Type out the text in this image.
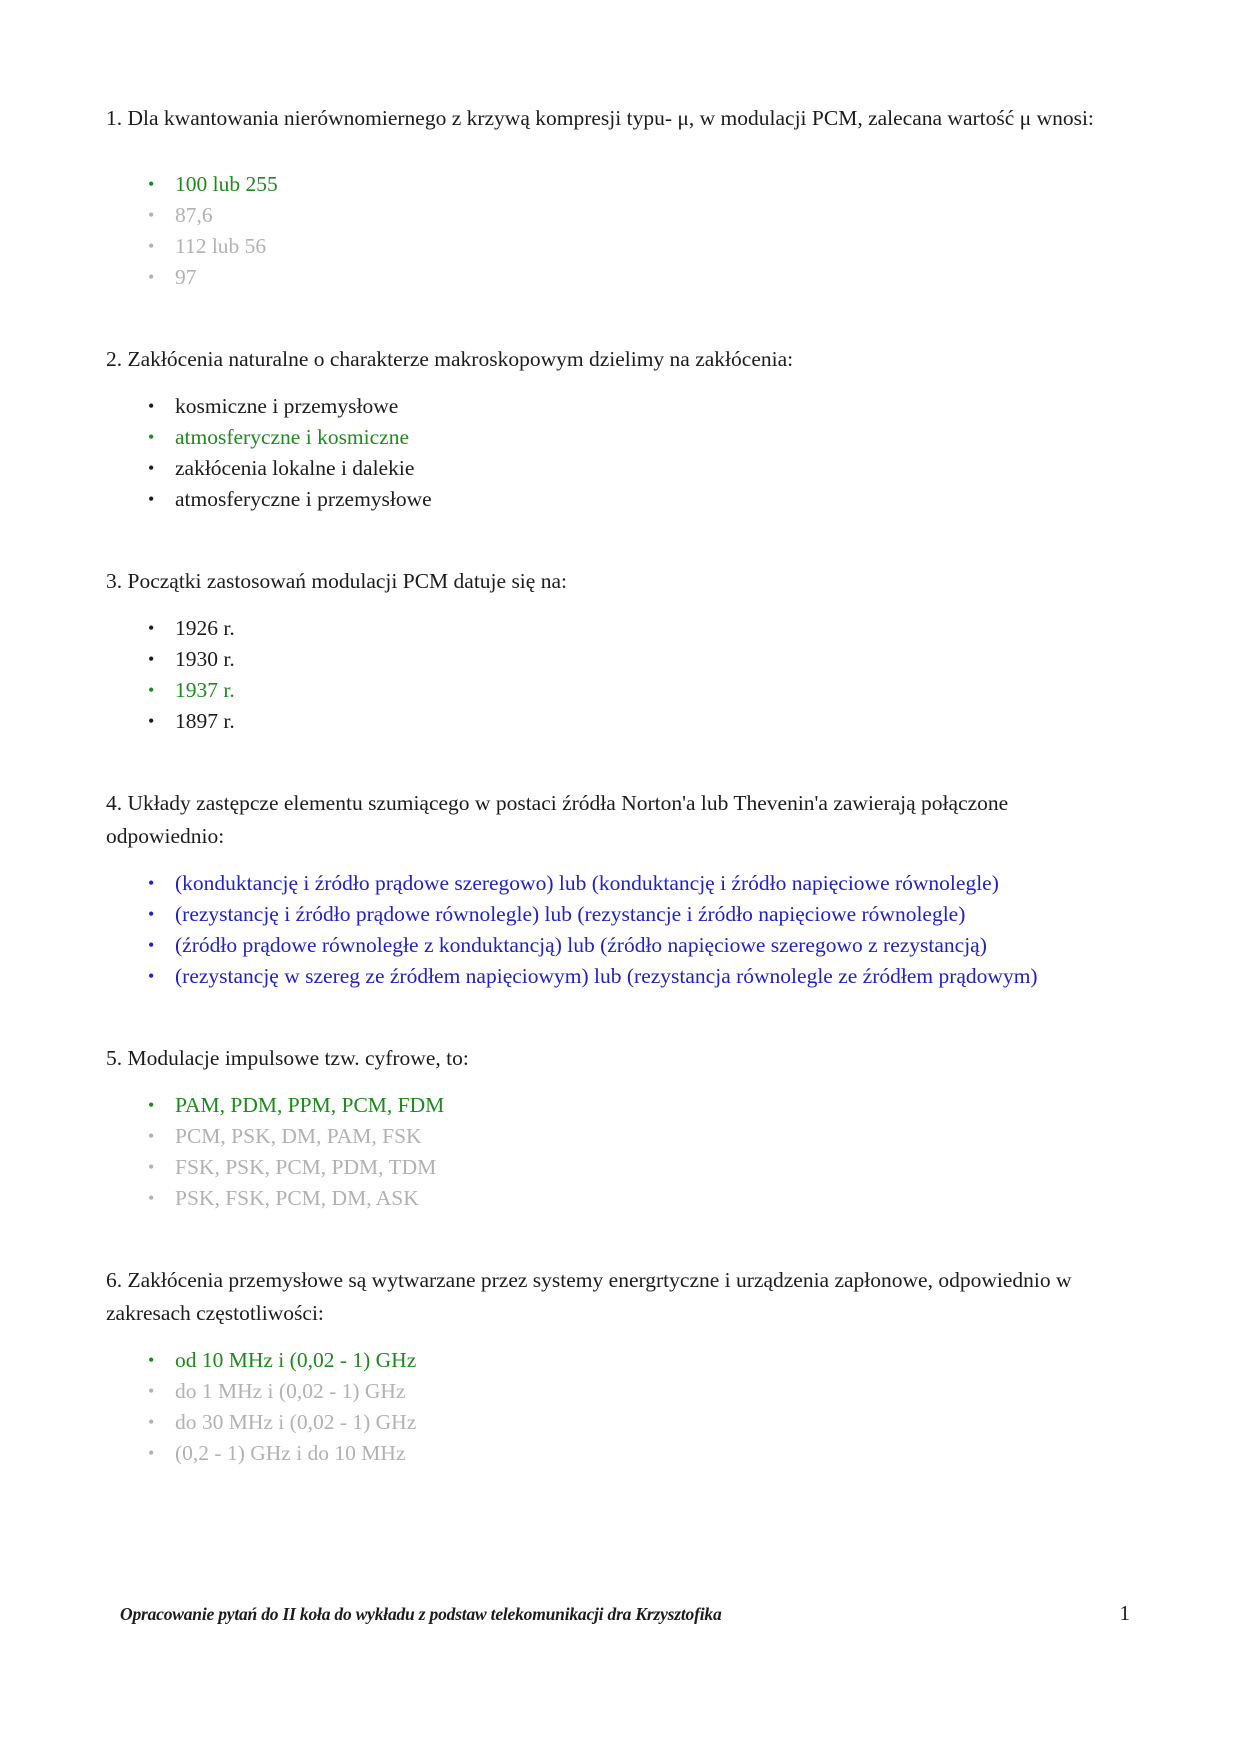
1. Dla kwantowania nierównomiernego z krzywą kompresji typu- μ, w modulacji PCM, zalecana wartość μ wnosi:
• 100 lub 255
• 87,6
• 112 lub 56
• 97
2. Zakłócenia naturalne o charakterze makroskopowym dzielimy na zakłócenia:
• kosmiczne i przemysłowe
• atmosferyczne i kosmiczne
• zakłócenia lokalne i dalekie
• atmosferyczne i przemysłowe
3. Początki zastosowań modulacji PCM datuje się na:
• 1926 r.
• 1930 r.
• 1937 r.
• 1897 r.
4. Układy zastępcze elementu szumiącego w postaci źródła Norton'a lub Thevenin'a zawierają połączone odpowiednio:
• (konduktancję i źródło prądowe szeregowo) lub (konduktancję i źródło napięciowe równolegle)
• (rezystancję i źródło prądowe równolegle) lub (rezystancje i źródło napięciowe równolegle)
• (źródło prądowe równoległe z konduktancją) lub (źródło napięciowe szeregowo z rezystancją)
• (rezystancję w szereg ze źródłem napięciowym) lub (rezystancja równolegle ze źródłem prądowym)
5. Modulacje impulsowe tzw. cyfrowe, to:
• PAM, PDM, PPM, PCM, FDM
• PCM, PSK, DM, PAM, FSK
• FSK, PSK, PCM, PDM, TDM
• PSK, FSK, PCM, DM, ASK
6. Zakłócenia przemysłowe są wytwarzane przez systemy energrtyczne i urządzenia zapłonowe, odpowiednio w zakresach częstotliwości:
• od 10 MHz i (0,02 - 1) GHz
• do 1 MHz i (0,02 - 1) GHz
• do 30 MHz i (0,02 - 1) GHz
• (0,2 - 1) GHz i do 10 MHz
Opracowanie pytań do II koła do wykładu z podstaw telekomunikacji dra Krzysztofika	1
